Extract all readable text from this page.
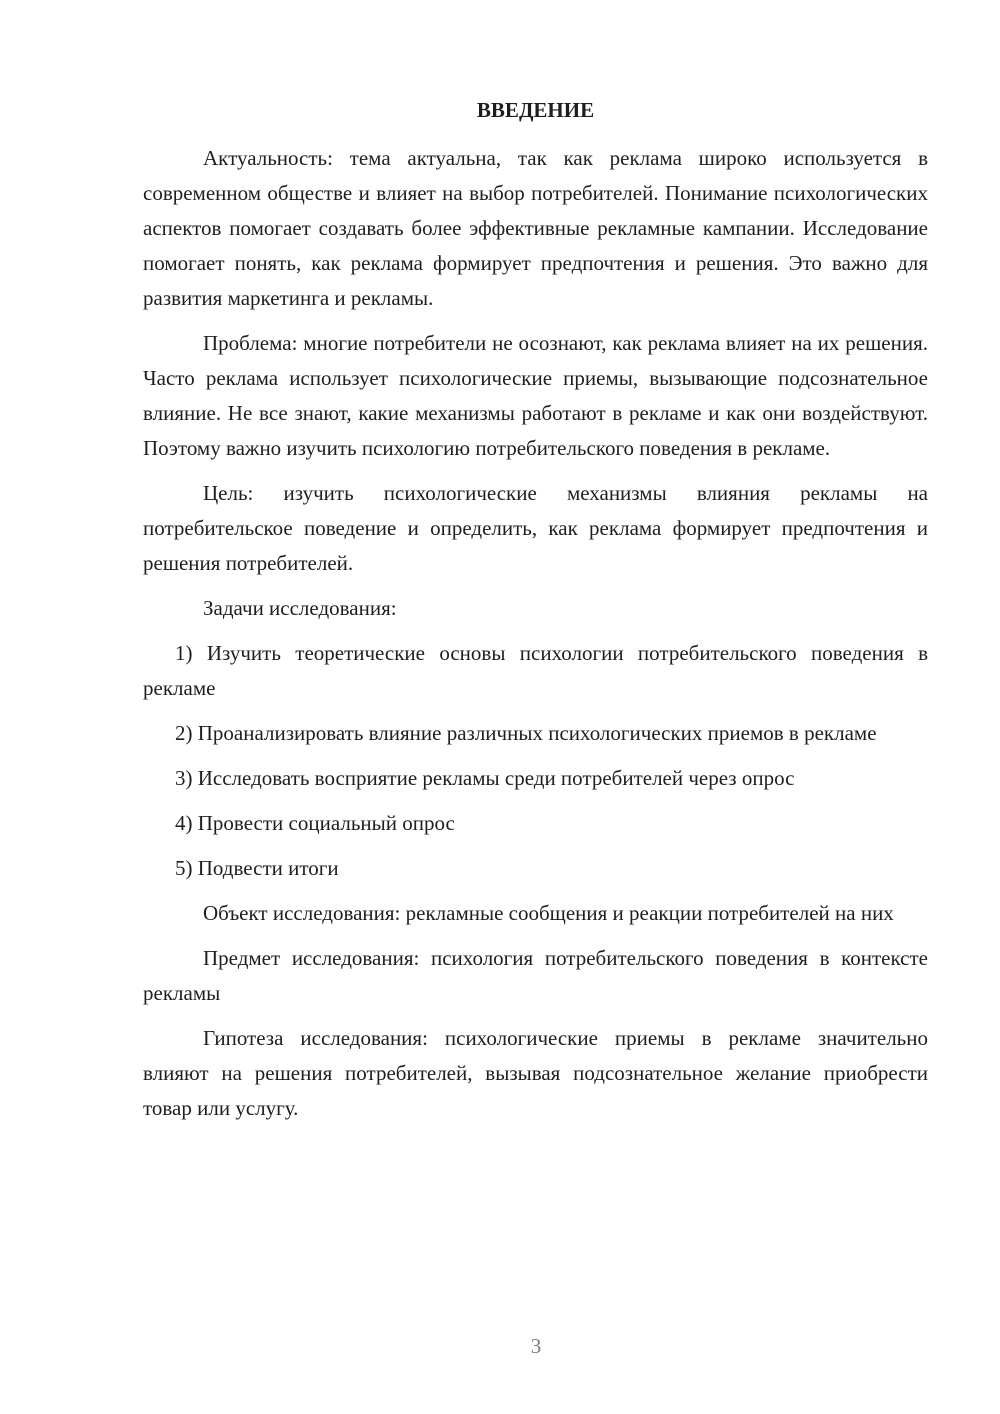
ВВЕДЕНИЕ

Актуальность: тема актуальна, так как реклама широко используется в современном обществе и влияет на выбор потребителей. Понимание психологических аспектов помогает создавать более эффективные рекламные кампании. Исследование помогает понять, как реклама формирует предпочтения и решения. Это важно для развития маркетинга и рекламы.

Проблема: многие потребители не осознают, как реклама влияет на их решения. Часто реклама использует психологические приемы, вызывающие подсознательное влияние. Не все знают, какие механизмы работают в рекламе и как они воздействуют. Поэтому важно изучить психологию потребительского поведения в рекламе.

Цель: изучить психологические механизмы влияния рекламы на потребительское поведение и определить, как реклама формирует предпочтения и решения потребителей.

Задачи исследования:

1) Изучить теоретические основы психологии потребительского поведения в рекламе

2) Проанализировать влияние различных психологических приемов в рекламе

3) Исследовать восприятие рекламы среди потребителей через опрос

4) Провести социальный опрос

5) Подвести итоги

Объект исследования: рекламные сообщения и реакции потребителей на них

Предмет исследования: психология потребительского поведения в контексте рекламы

Гипотеза исследования: психологические приемы в рекламе значительно влияют на решения потребителей, вызывая подсознательное желание приобрести товар или услугу.

3
